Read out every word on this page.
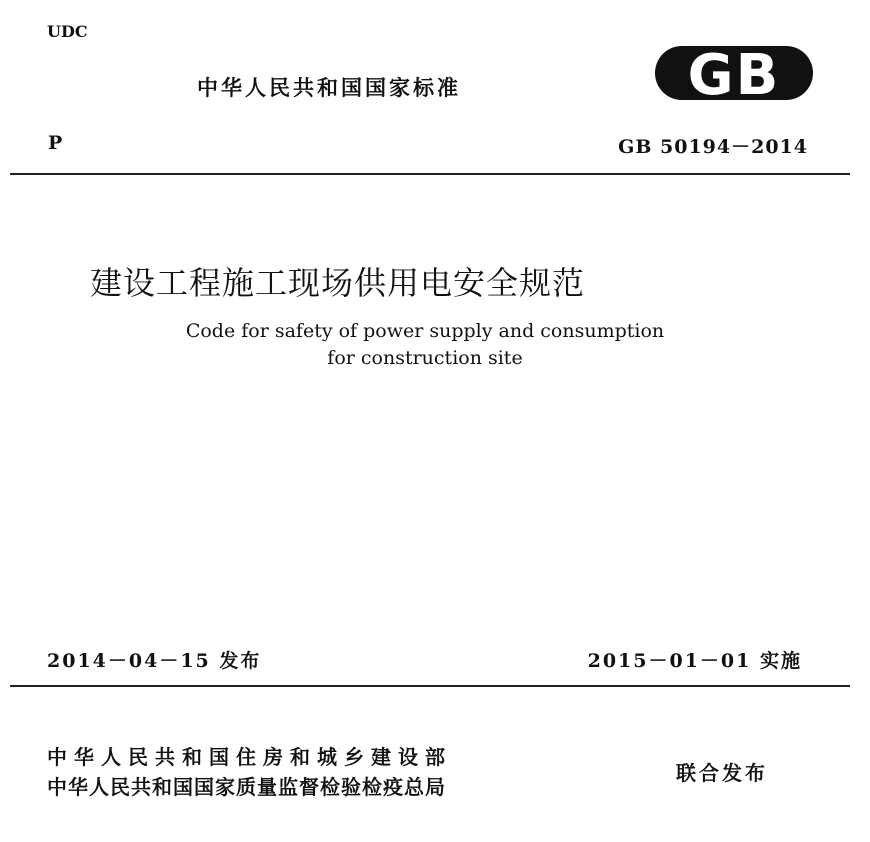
UDC
中华人民共和国国家标准	GB
P	GB 50194－2014
建设工程施工现场供用电安全规范
Code for safety of power supply and consumption
for construction site
2014－04－15 发布	2015－01－01 实施
中华人民共和国住房和城乡建设部
中华人民共和国国家质量监督检验检疫总局
联合发布
